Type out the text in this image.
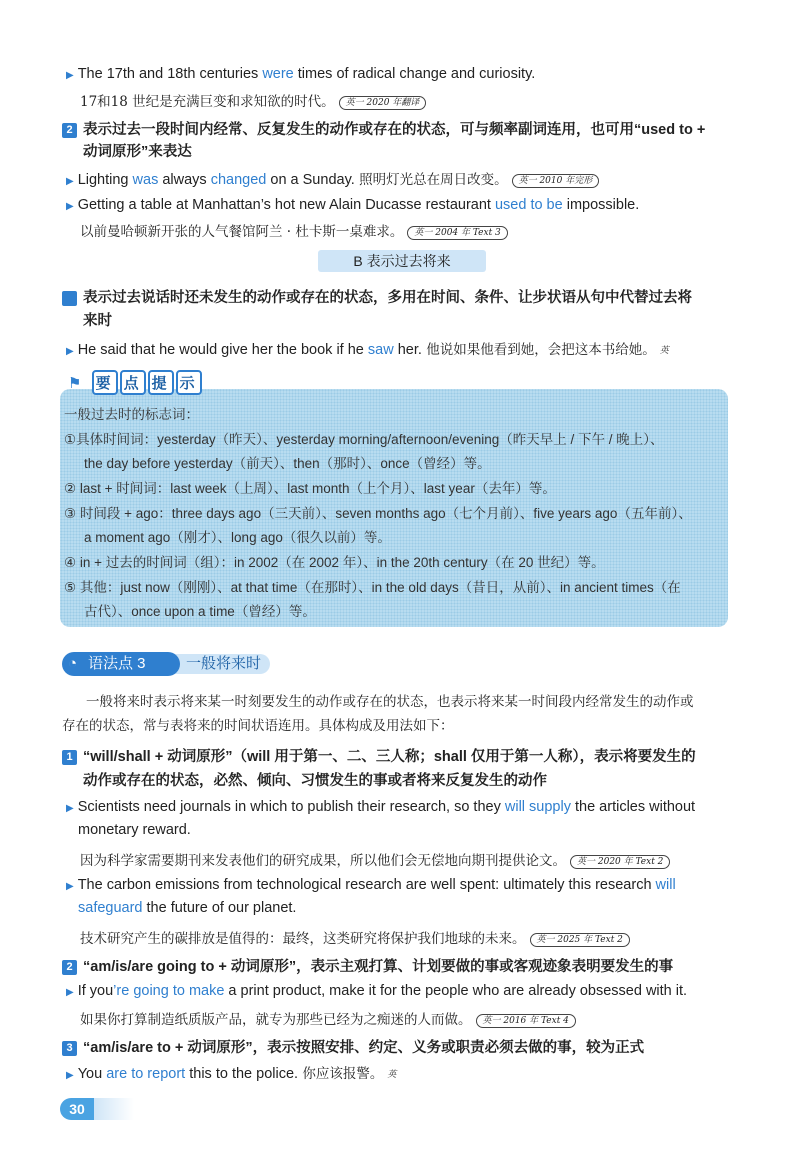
▶ The 17th and 18th centuries were times of radical change and curiosity.
17和18 世纪是充满巨变和求知欲的时代。 英一 2020 年翻译
2 表示过去一段时间内经常、反复发生的动作或存在的状态，可与频率副词连用，也可用“used to +
动词原形”来表达
▶ Lighting was always changed on a Sunday. 照明灯光总在周日改变。 英一 2010 年完形
▶ Getting a table at Manhattan’s hot new Alain Ducasse restaurant used to be impossible.
以前曼哈顿新开张的人气餐馆阿兰 · 杜卡斯一桌难求。 英一 2004 年 Text 3
B 表示过去将来
表示过去说话时还未发生的动作或存在的状态，多用在时间、条件、让步状语从句中代替过去将
来时
▶ He said that he would give her the book if he saw her. 他说如果他看到她，会把这本书给她。 英
⚑ 要 点 提 示
一般过去时的标志词：
①具体时间词：yesterday（昨天）、yesterday morning/afternoon/evening（昨天早上 / 下午 / 晚上）、
the day before yesterday（前天）、then（那时）、once（曾经）等。
② last + 时间词：last week（上周）、last month（上个月）、last year（去年）等。
③ 时间段 + ago：three days ago（三天前）、seven months ago（七个月前）、five years ago（五年前）、
a moment ago（刚才）、long ago（很久以前）等。
④ in + 过去的时间词（组）：in 2002（在 2002 年）、in the 20th century（在 20 世纪）等。
⑤ 其他：just now（刚刚）、at that time（在那时）、in the old days（昔日，从前）、in ancient times（在
古代）、once upon a time（曾经）等。
一般将来时
◔ 语法点 3
一般将来时表示将来某一时刻要发生的动作或存在的状态，也表示将来某一时间段内经常发生的动作或
存在的状态，常与表将来的时间状语连用。具体构成及用法如下：
1 “will/shall + 动词原形”（will 用于第一、二、三人称；shall 仅用于第一人称），表示将要发生的
动作或存在的状态，必然、倾向、习惯发生的事或者将来反复发生的动作
▶ Scientists need journals in which to publish their research, so they will supply the articles without
monetary reward.
因为科学家需要期刊来发表他们的研究成果，所以他们会无偿地向期刊提供论文。 英一 2020 年 Text 2
▶ The carbon emissions from technological research are well spent: ultimately this research will
safeguard the future of our planet.
技术研究产生的碳排放是值得的：最终，这类研究将保护我们地球的未来。 英一 2025 年 Text 2
2 “am/is/are going to + 动词原形”，表示主观打算、计划要做的事或客观迹象表明要发生的事
▶ If you’re going to make a print product, make it for the people who are already obsessed with it.
如果你打算制造纸质版产品，就专为那些已经为之痴迷的人而做。 英一 2016 年 Text 4
3 “am/is/are to + 动词原形”，表示按照安排、约定、义务或职责必须去做的事，较为正式
▶ You are to report this to the police. 你应该报警。 英
30
